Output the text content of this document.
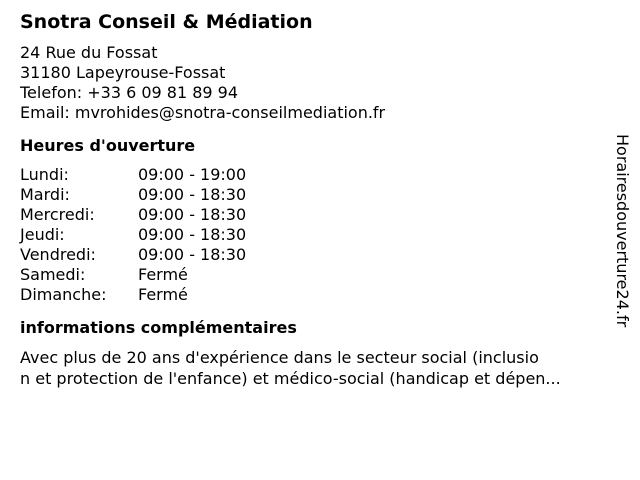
Snotra Conseil & Médiation
24 Rue du Fossat
31180 Lapeyrouse-Fossat
Telefon: +33 6 09 81 89 94
Email: mvrohides@snotra-conseilmediation.fr
Heures d'ouverture
Lundi:	09:00 - 19:00
Mardi:	09:00 - 18:30
Mercredi:	09:00 - 18:30
Jeudi:	09:00 - 18:30
Vendredi:	09:00 - 18:30
Samedi:	Fermé
Dimanche:	Fermé
informations complémentaires
Avec plus de 20 ans d'expérience dans le secteur social (inclusio
n et protection de l'enfance) et médico-social (handicap et dépen...
Horairesdouverture24.fr
